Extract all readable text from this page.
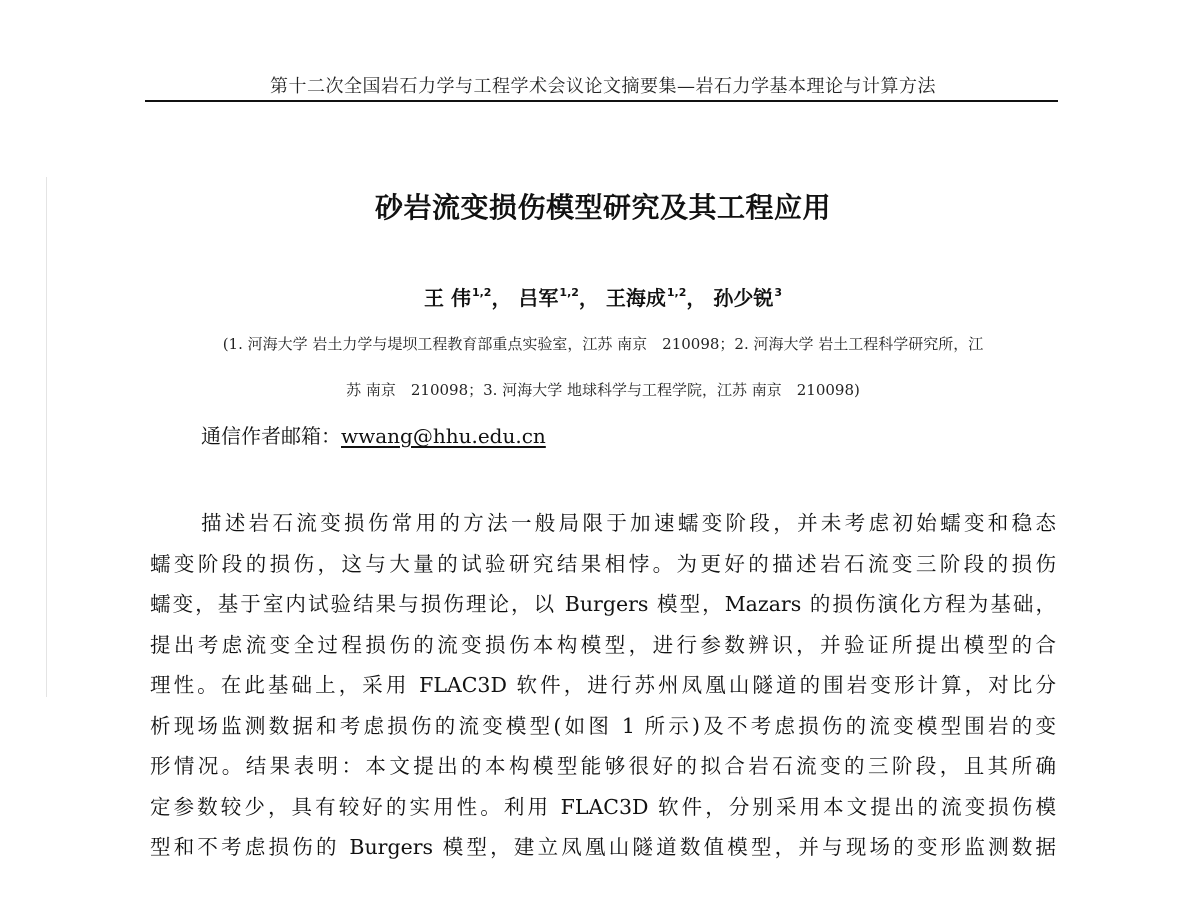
第十二次全国岩石力学与工程学术会议论文摘要集—岩石力学基本理论与计算方法
砂岩流变损伤模型研究及其工程应用
王 伟$^{1,2}$， 吕军$^{1,2}$， 王海成$^{1,2}$， 孙少锐$^3$
(1. 河海大学 岩土力学与堤坝工程教育部重点实验室，江苏 南京　210098；2. 河海大学 岩土工程科学研究所，江
苏 南京　210098；3. 河海大学 地球科学与工程学院，江苏 南京　210098)
通信作者邮箱：wwang@hhu.edu.cn
描述岩石流变损伤常用的方法一般局限于加速蠕变阶段，并未考虑初始蠕变和稳态
蠕变阶段的损伤，这与大量的试验研究结果相悖。为更好的描述岩石流变三阶段的损伤
蠕变，基于室内试验结果与损伤理论，以 Burgers 模型，Mazars 的损伤演化方程为基础，
提出考虑流变全过程损伤的流变损伤本构模型，进行参数辨识，并验证所提出模型的合
理性。在此基础上，采用 FLAC3D 软件，进行苏州凤凰山隧道的围岩变形计算，对比分
析现场监测数据和考虑损伤的流变模型(如图 1 所示)及不考虑损伤的流变模型围岩的变
形情况。结果表明：本文提出的本构模型能够很好的拟合岩石流变的三阶段，且其所确
定参数较少，具有较好的实用性。利用 FLAC3D 软件，分别采用本文提出的流变损伤模
型和不考虑损伤的 Burgers 模型，建立凤凰山隧道数值模型，并与现场的变形监测数据
